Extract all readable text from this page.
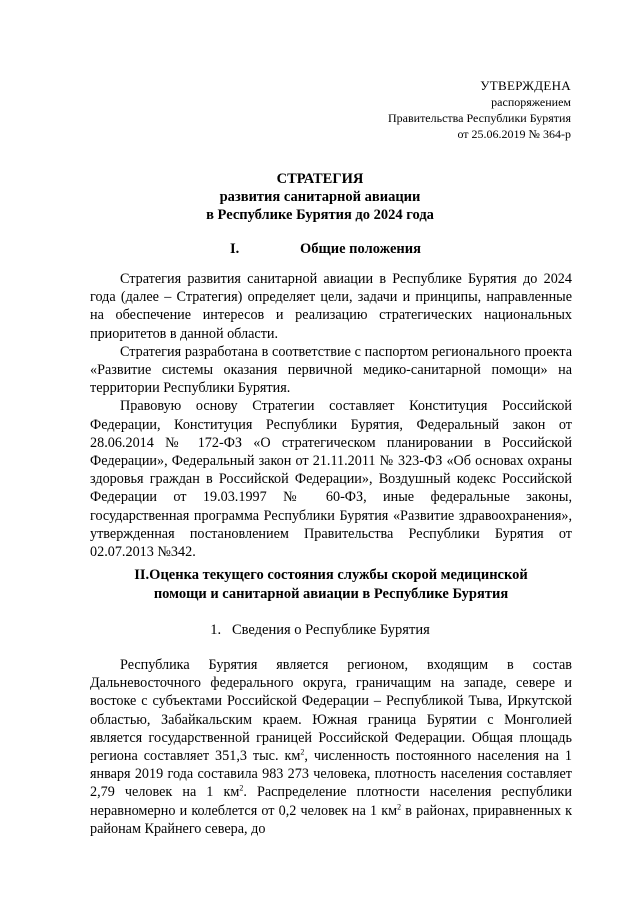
УТВЕРЖДЕНА
распоряжением
Правительства Республики Бурятия
от 25.06.2019 № 364-р
СТРАТЕГИЯ
развития санитарной авиации
в Республике Бурятия до 2024 года
I.	Общие положения

Стратегия развития санитарной авиации в Республике Бурятия до 2024 года (далее – Стратегия) определяет цели, задачи и принципы, направленные на обеспечение интересов и реализацию стратегических национальных приоритетов в данной области.

Стратегия разработана в соответствие с паспортом регионального проекта «Развитие системы оказания первичной медико-санитарной помощи» на территории Республики Бурятия.

Правовую основу Стратегии составляет Конституция Российской Федерации, Конституция Республики Бурятия, Федеральный закон от 28.06.2014 № 172-ФЗ «О стратегическом планировании в Российской Федерации», Федеральный закон от 21.11.2011 № 323-ФЗ «Об основах охраны здоровья граждан в Российской Федерации», Воздушный кодекс Российской Федерации от 19.03.1997 № 60-ФЗ, иные федеральные законы, государственная программа Республики Бурятия «Развитие здравоохранения», утвержденная постановлением Правительства Республики Бурятия от 02.07.2013 №342.

II.Оценка текущего состояния службы скорой медицинской
помощи и санитарной авиации в Республике Бурятия
1.   Сведения о Республике Бурятия

Республика Бурятия является регионом, входящим в состав Дальневосточного федерального округа, граничащим на западе, севере и востоке с субъектами Российской Федерации – Республикой Тыва, Иркутской областью, Забайкальским краем. Южная граница Бурятии с Монголией является государственной границей Российской Федерации. Общая площадь региона составляет 351,3 тыс. $км^2$, численность постоянного населения на 1 января 2019 года составила 983 273 человека, плотность населения составляет 2,79 человек на 1 $км^2$. Распределение плотности населения республики неравномерно и колеблется от 0,2 человек на 1 $км^2$ в районах, приравненных к районам Крайнего севера, до
